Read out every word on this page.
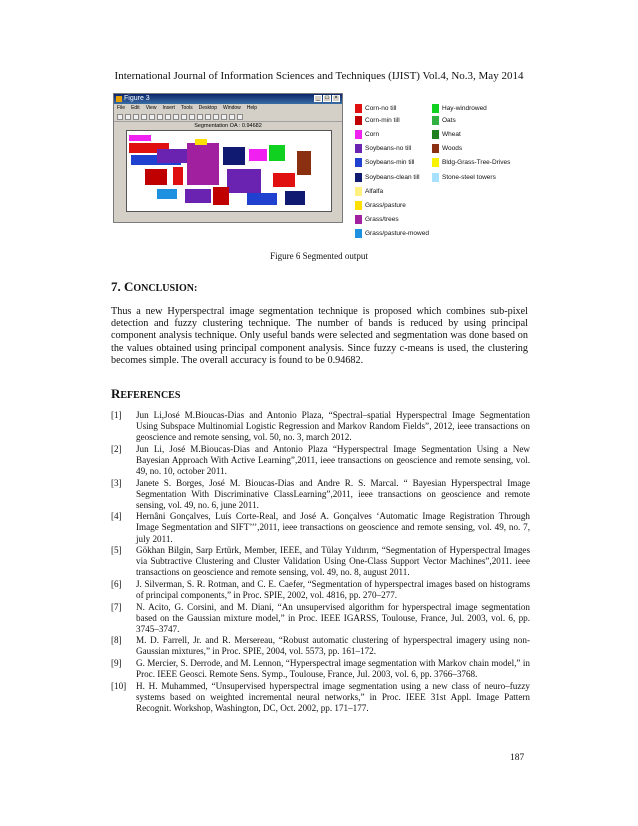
International Journal of Information Sciences and Techniques (IJIST) Vol.4, No.3, May 2014
Figure 3	_ □ ×
File Edit View Insert Tools Desktop Window Help
Segmentation OA : 0.94682
Corn-no till
Corn-min till
Corn
Soybeans-no till
Soybeans-min till
Soybeans-clean till
Alfalfa
Grass/pasture
Grass/trees
Grass/pasture-mowed
Hay-windrowed
Oats
Wheat
Woods
Bldg-Grass-Tree-Drives
Stone-steel towers
Figure 6 Segmented output
7. CONCLUSION:
Thus a new Hyperspectral image segmentation technique is proposed which combines sub-pixel detection and fuzzy clustering technique. The number of bands is reduced by using principal component analysis technique. Only useful bands were selected and segmentation was done based on the values obtained using principal component analysis. Since fuzzy c-means is used, the clustering becomes simple. The overall accuracy is found to be 0.94682.
REFERENCES
[1]	Jun Li,José M.Bioucas-Dias and Antonio Plaza, “Spectral–spatial Hyperspectral Image Segmentation Using Subspace Multinomial Logistic Regression and Markov Random Fields”, 2012, ieee transactions on geoscience and remote sensing, vol. 50, no. 3, march 2012.
[2]	Jun Li, José M.Bioucas-Dias and Antonio Plaza “Hyperspectral Image Segmentation Using a New Bayesian Approach With Active Learning”,2011, ieee transactions on geoscience and remote sensing, vol. 49, no. 10, october 2011.
[3]	Janete S. Borges, José M. Bioucas-Dias and Andre R. S. Marcal. “ Bayesian Hyperspectral Image Segmentation With Discriminative ClassLearning”,2011, ieee transactions on geoscience and remote sensing, vol. 49, no. 6, june 2011.
[4]	Hernâni Gonçalves, Luís Corte-Real, and José A. Gonçalves ‘Automatic Image Registration Through Image Segmentation and SIFT’’’,2011, ieee transactions on geoscience and remote sensing, vol. 49, no. 7, july 2011.
[5]	Gökhan Bilgin, Sarp Ertürk, Member, IEEE, and Tülay Yıldırım, “Segmentation of Hyperspectral Images via Subtractive Clustering and Cluster Validation Using One-Class Support Vector Machines”,2011. ieee transactions on geoscience and remote sensing, vol. 49, no. 8, august 2011.
[6]	J. Silverman, S. R. Rotman, and C. E. Caefer, “Segmentation of hyperspectral images based on histograms of principal components,” in Proc. SPIE, 2002, vol. 4816, pp. 270–277.
[7]	N. Acito, G. Corsini, and M. Diani, “An unsupervised algorithm for hyperspectral image segmentation based on the Gaussian mixture model,” in Proc. IEEE IGARSS, Toulouse, France, Jul. 2003, vol. 6, pp. 3745–3747.
[8]	M. D. Farrell, Jr. and R. Mersereau, “Robust automatic clustering of hyperspectral imagery using non-Gaussian mixtures,” in Proc. SPIE, 2004, vol. 5573, pp. 161–172.
[9]	G. Mercier, S. Derrode, and M. Lennon, “Hyperspectral image segmentation with Markov chain model,” in Proc. IEEE Geosci. Remote Sens. Symp., Toulouse, France, Jul. 2003, vol. 6, pp. 3766–3768.
[10]	H. H. Muhammed, “Unsupervised hyperspectral image segmentation using a new class of neuro–fuzzy systems based on weighted incremental neural networks,” in Proc. IEEE 31st Appl. Image Pattern Recognit. Workshop, Washington, DC, Oct. 2002, pp. 171–177.
187
